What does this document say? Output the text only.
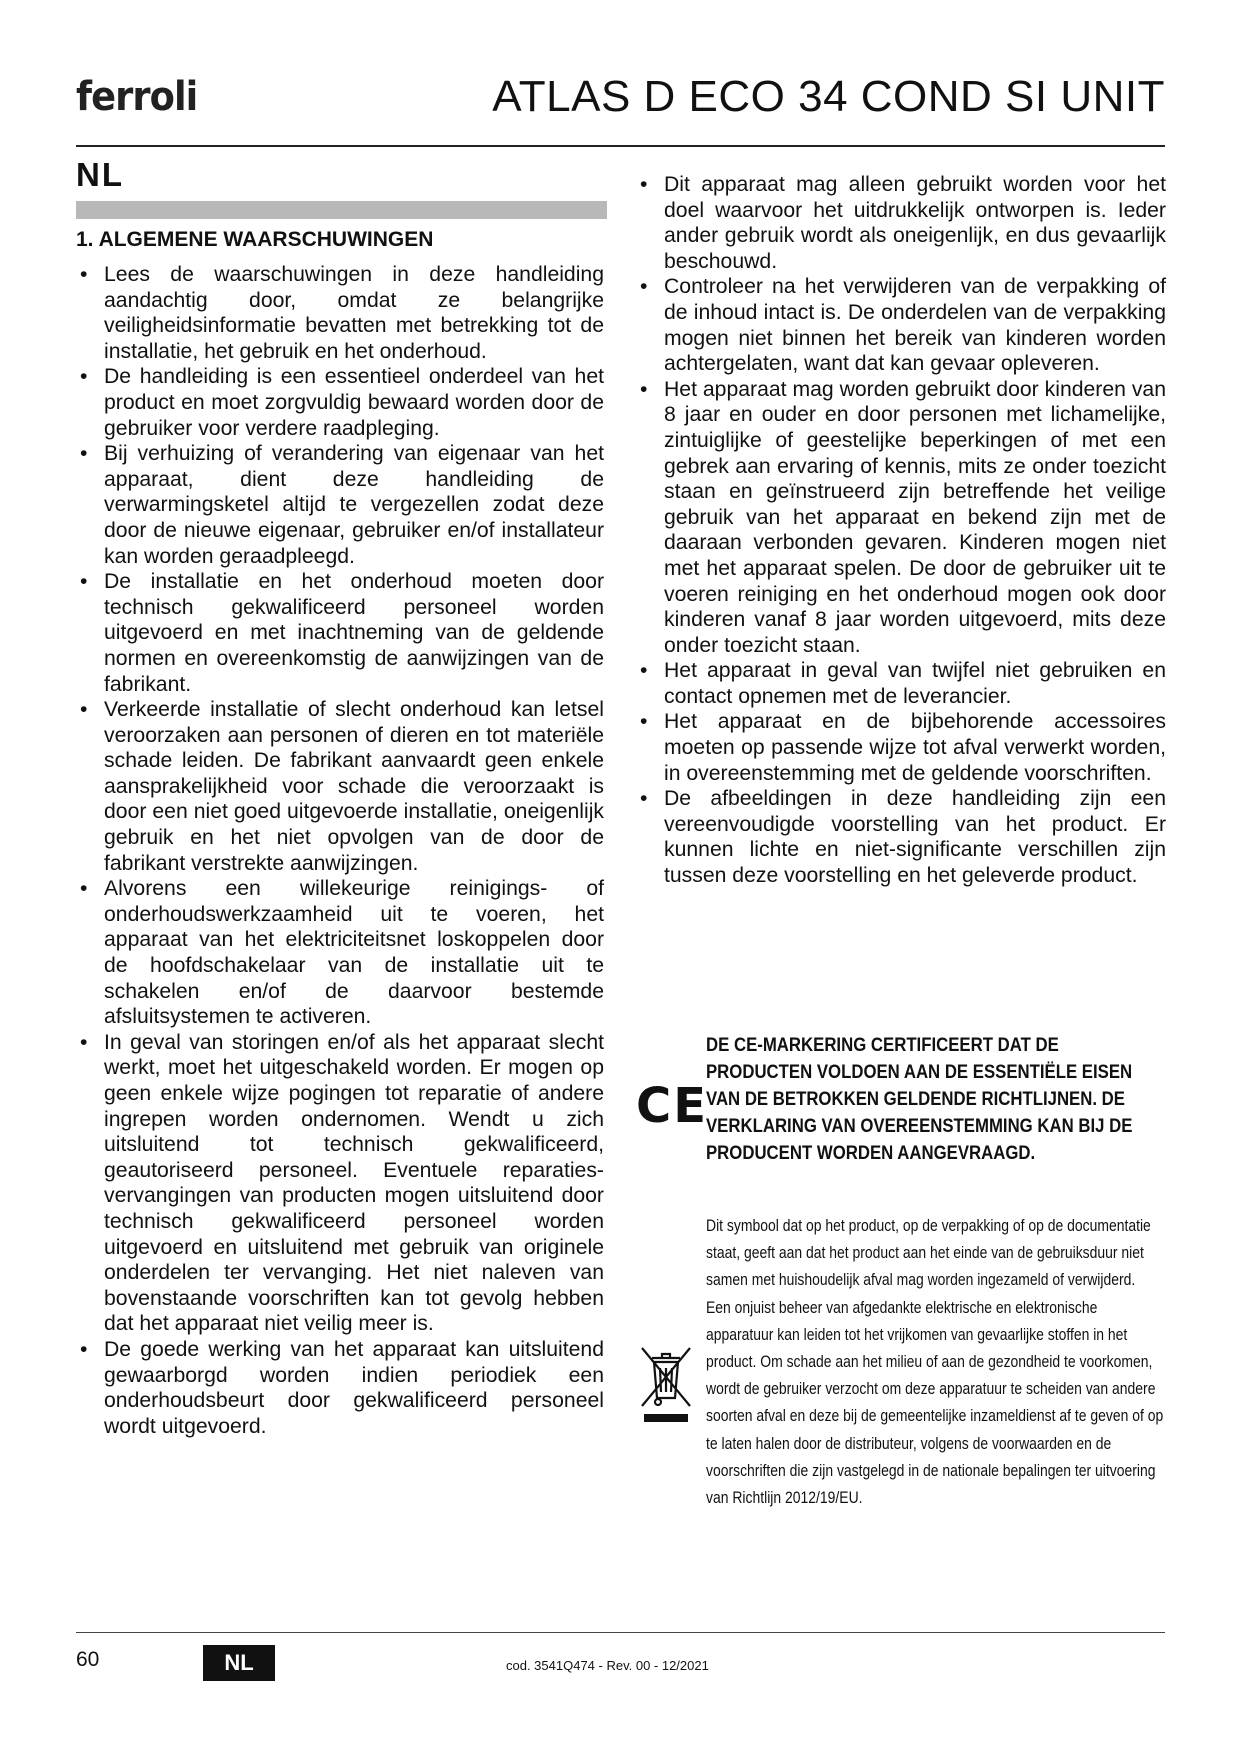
ferroli	ATLAS D ECO 34 COND SI UNIT
NL
1. ALGEMENE WAARSCHUWINGEN
• Lees de waarschuwingen in deze handleiding aandachtig door, omdat ze belangrijke veiligheidsinformatie bevatten met betrekking tot de installatie, het gebruik en het onderhoud.
• De handleiding is een essentieel onderdeel van het product en moet zorgvuldig bewaard worden door de gebruiker voor verdere raadpleging.
• Bij verhuizing of verandering van eigenaar van het apparaat, dient deze handleiding de verwarmingsketel altijd te vergezellen zodat deze door de nieuwe eigenaar, gebruiker en/of installateur kan worden geraadpleegd.
• De installatie en het onderhoud moeten door technisch gekwalificeerd personeel worden uitgevoerd en met inachtneming van de geldende normen en overeenkomstig de aanwijzingen van de fabrikant.
• Verkeerde installatie of slecht onderhoud kan letsel veroorzaken aan personen of dieren en tot materiële schade leiden. De fabrikant aanvaardt geen enkele aansprakelijkheid voor schade die veroorzaakt is door een niet goed uitgevoerde installatie, oneigenlijk gebruik en het niet opvolgen van de door de fabrikant verstrekte aanwijzingen.
• Alvorens een willekeurige reinigings- of onderhoudswerkzaamheid uit te voeren, het apparaat van het elektriciteitsnet loskoppelen door de hoofdschakelaar van de installatie uit te schakelen en/of de daarvoor bestemde afsluitsystemen te activeren.
• In geval van storingen en/of als het apparaat slecht werkt, moet het uitgeschakeld worden. Er mogen op geen enkele wijze pogingen tot reparatie of andere ingrepen worden ondernomen. Wendt u zich uitsluitend tot technisch gekwalificeerd, geautoriseerd personeel. Eventuele reparaties-vervangingen van producten mogen uitsluitend door technisch gekwalificeerd personeel worden uitgevoerd en uitsluitend met gebruik van originele onderdelen ter vervanging. Het niet naleven van bovenstaande voorschriften kan tot gevolg hebben dat het apparaat niet veilig meer is.
• De goede werking van het apparaat kan uitsluitend gewaarborgd worden indien periodiek een onderhoudsbeurt door gekwalificeerd personeel wordt uitgevoerd.
• Dit apparaat mag alleen gebruikt worden voor het doel waarvoor het uitdrukkelijk ontworpen is. Ieder ander gebruik wordt als oneigenlijk, en dus gevaarlijk beschouwd.
• Controleer na het verwijderen van de verpakking of de inhoud intact is. De onderdelen van de verpakking mogen niet binnen het bereik van kinderen worden achtergelaten, want dat kan gevaar opleveren.
• Het apparaat mag worden gebruikt door kinderen van 8 jaar en ouder en door personen met lichamelijke, zintuiglijke of geestelijke beperkingen of met een gebrek aan ervaring of kennis, mits ze onder toezicht staan en geïnstrueerd zijn betreffende het veilige gebruik van het apparaat en bekend zijn met de daaraan verbonden gevaren. Kinderen mogen niet met het apparaat spelen. De door de gebruiker uit te voeren reiniging en het onderhoud mogen ook door kinderen vanaf 8 jaar worden uitgevoerd, mits deze onder toezicht staan.
• Het apparaat in geval van twijfel niet gebruiken en contact opnemen met de leverancier.
• Het apparaat en de bijbehorende accessoires moeten op passende wijze tot afval verwerkt worden, in overeenstemming met de geldende voorschriften.
• De afbeeldingen in deze handleiding zijn een vereenvoudigde voorstelling van het product. Er kunnen lichte en niet-significante verschillen zijn tussen deze voorstelling en het geleverde product.
CE
DE CE-MARKERING CERTIFICEERT DAT DE PRODUCTEN VOLDOEN AAN DE ESSENTIËLE EISEN VAN DE BETROKKEN GELDENDE RICHTLIJNEN. DE VERKLARING VAN OVEREENSTEMMING KAN BIJ DE PRODUCENT WORDEN AANGEVRAAGD.

Dit symbool dat op het product, op de verpakking of op de documentatie staat, geeft aan dat het product aan het einde van de gebruiksduur niet samen met huishoudelijk afval mag worden ingezameld of verwijderd.

Een onjuist beheer van afgedankte elektrische en elektronische apparatuur kan leiden tot het vrijkomen van gevaarlijke stoffen in het product. Om schade aan het milieu of aan de gezondheid te voorkomen, wordt de gebruiker verzocht om deze apparatuur te scheiden van andere soorten afval en deze bij de gemeentelijke inzameldienst af te geven of op te laten halen door de distributeur, volgens de voorwaarden en de voorschriften die zijn vastgelegd in de nationale bepalingen ter uitvoering van Richtlijn 2012/19/EU.

60	NL	cod. 3541Q474 - Rev. 00 - 12/2021
